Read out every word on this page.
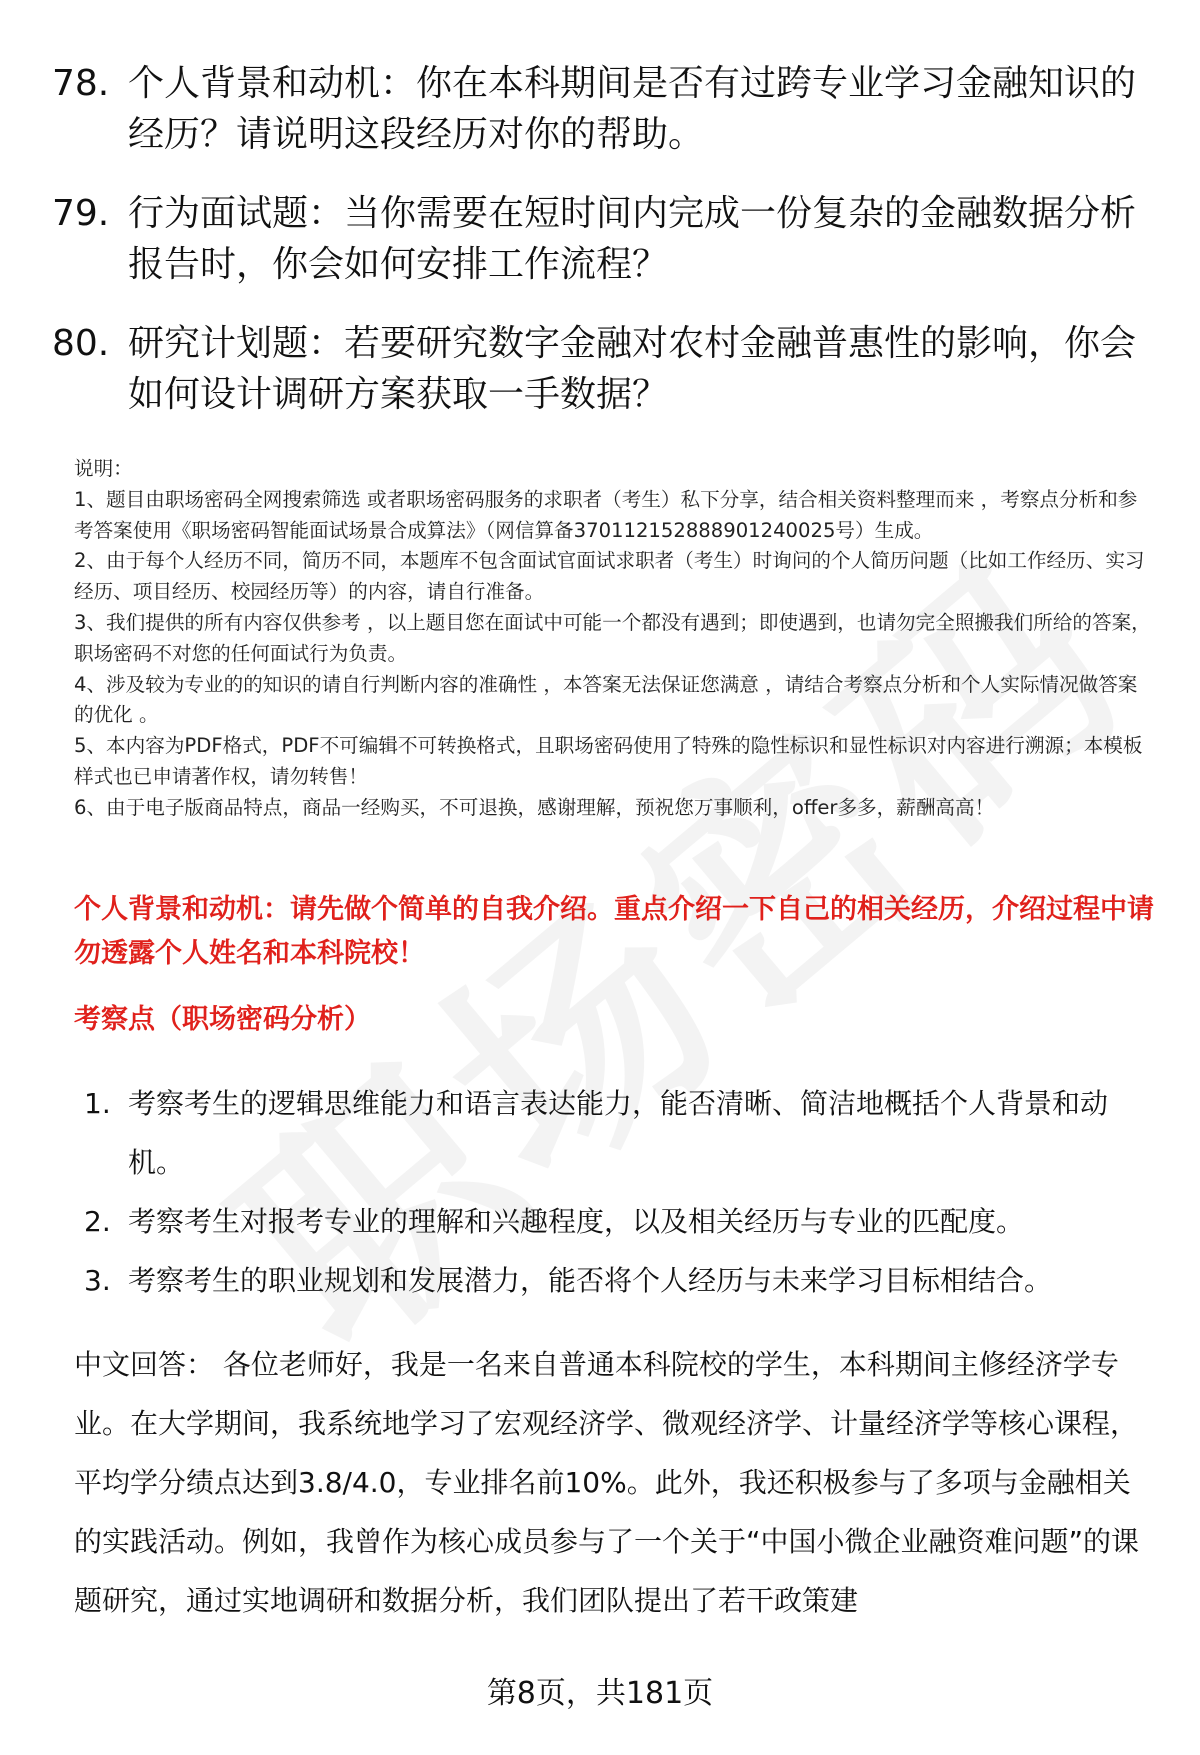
78. 个人背景和动机：你在本科期间是否有过跨专业学习金融知识的经历？请说明这段经历对你的帮助。
79. 行为面试题：当你需要在短时间内完成一份复杂的金融数据分析报告时，你会如何安排工作流程？
80. 研究计划题：若要研究数字金融对农村金融普惠性的影响，你会如何设计调研方案获取一手数据？

说明：

1、题目由职场密码全网搜索筛选 或者职场密码服务的求职者（考生）私下分享，结合相关资料整理而来 ，考察点分析和参考答案使用《职场密码智能面试场景合成算法》（网信算备370112152888901240025号）生成。

2、由于每个人经历不同，简历不同，本题库不包含面试官面试求职者（考生）时询问的个人简历问题（比如工作经历、实习经历、项目经历、校园经历等）的内容，请自行准备。

3、我们提供的所有内容仅供参考 ，以上题目您在面试中可能一个都没有遇到；即使遇到，也请勿完全照搬我们所给的答案，职场密码不对您的任何面试行为负责。

4、涉及较为专业的的知识的请自行判断内容的准确性 ，本答案无法保证您满意 ，请结合考察点分析和个人实际情况做答案的优化 。

5、本内容为PDF格式，PDF不可编辑不可转换格式，且职场密码使用了特殊的隐性标识和显性标识对内容进行溯源；本模板样式也已申请著作权，请勿转售！

6、由于电子版商品特点，商品一经购买，不可退换，感谢理解，预祝您万事顺利，offer多多，薪酬高高！

个人背景和动机：请先做个简单的自我介绍。重点介绍一下自己的相关经历，介绍过程中请勿透露个人姓名和本科院校！
考察点（职场密码分析）
1. 考察考生的逻辑思维能力和语言表达能力，能否清晰、简洁地概括个人背景和动机。
2. 考察考生对报考专业的理解和兴趣程度，以及相关经历与专业的匹配度。
3. 考察考生的职业规划和发展潜力，能否将个人经历与未来学习目标相结合。
中文回答： 各位老师好，我是一名来自普通本科院校的学生，本科期间主修经济学专业。在大学期间，我系统地学习了宏观经济学、微观经济学、计量经济学等核心课程，平均学分绩点达到3.8/4.0，专业排名前10%。此外，我还积极参与了多项与金融相关的实践活动。例如，我曾作为核心成员参与了一个关于“中国小微企业融资难问题”的课题研究，通过实地调研和数据分析，我们团队提出了若干政策建
第8页，共181页
